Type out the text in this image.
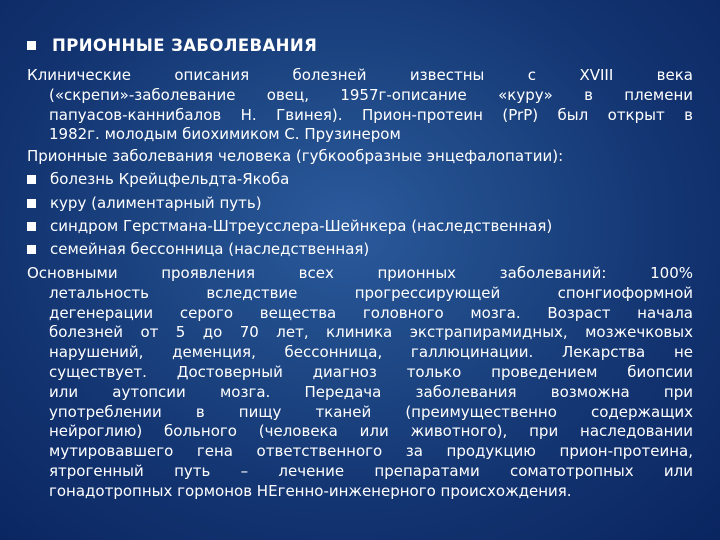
ПРИОННЫЕ ЗАБОЛЕВАНИЯ
Клинические описания болезней известны с XVIII века
(«скрепи»-заболевание овец, 1957г-описание «куру» в племени
папуасов-каннибалов Н. Гвинея). Прион-протеин (PrP) был открыт в
1982г. молодым биохимиком С. Прузинером
Прионные заболевания человека (губкообразные энцефалопатии):
болезнь Крейцфельдта-Якоба
куру (алиментарный путь)
синдром Герстмана-Штреусслера-Шейнкера (наследственная)
семейная бессонница (наследственная)
Основными проявления всех прионных заболеваний: 100%
летальность вследствие прогрессирующей спонгиоформной
дегенерации серого вещества головного мозга. Возраст начала
болезней от 5 до 70 лет, клиника экстрапирамидных, мозжечковых
нарушений, деменция, бессонница, галлюцинации. Лекарства не
существует. Достоверный диагноз только проведением биопсии
или аутопсии мозга. Передача заболевания возможна при
употреблении в пищу тканей (преимущественно содержащих
нейроглию) больного (человека или животного), при наследовании
мутировавшего гена ответственного за продукцию прион-протеина,
ятрогенный путь – лечение препаратами соматотропных или
гонадотропных гормонов НЕгенно-инженерного происхождения.
